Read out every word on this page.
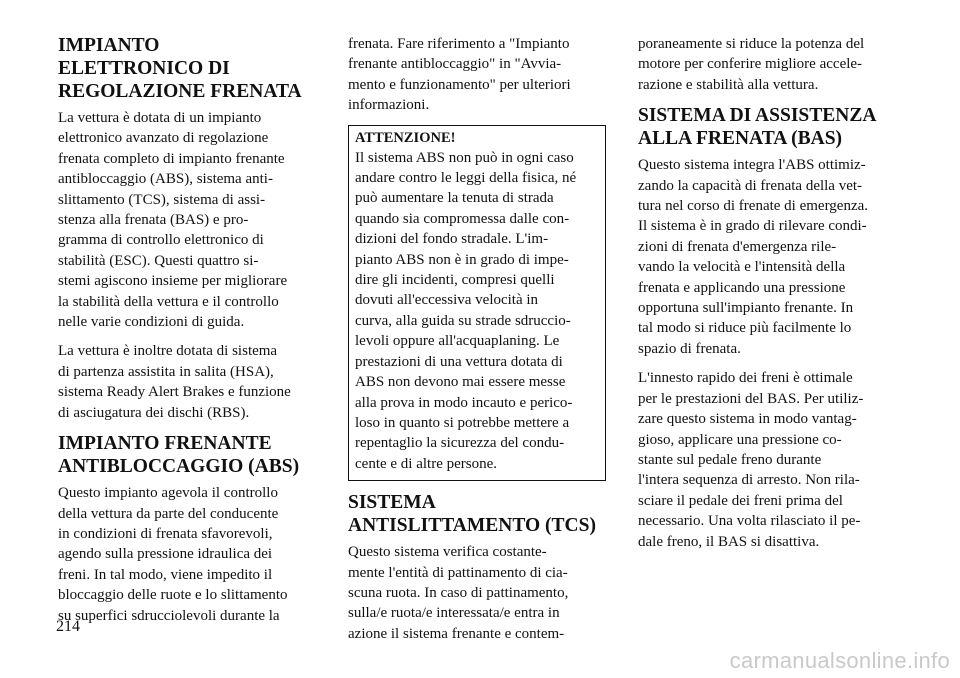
IMPIANTO
ELETTRONICO DI
REGOLAZIONE FRENATA

La vettura è dotata di un impianto
elettronico avanzato di regolazione
frenata completo di impianto frenante
antibloccaggio (ABS), sistema anti-
slittamento (TCS), sistema di assi-
stenza alla frenata (BAS) e pro-
gramma di controllo elettronico di
stabilità (ESC). Questi quattro si-
stemi agiscono insieme per migliorare
la stabilità della vettura e il controllo
nelle varie condizioni di guida.

La vettura è inoltre dotata di sistema
di partenza assistita in salita (HSA),
sistema Ready Alert Brakes e funzione
di asciugatura dei dischi (RBS).

IMPIANTO FRENANTE
ANTIBLOCCAGGIO (ABS)

Questo impianto agevola il controllo
della vettura da parte del conducente
in condizioni di frenata sfavorevoli,
agendo sulla pressione idraulica dei
freni. In tal modo, viene impedito il
bloccaggio delle ruote e lo slittamento
su superfici sdrucciolevoli durante la

frenata. Fare riferimento a "Impianto
frenante antibloccaggio" in "Avvia-
mento e funzionamento" per ulteriori
informazioni.

ATTENZIONE!

Il sistema ABS non può in ogni caso
andare contro le leggi della fisica, né
può aumentare la tenuta di strada
quando sia compromessa dalle con-
dizioni del fondo stradale. L'im-
pianto ABS non è in grado di impe-
dire gli incidenti, compresi quelli
dovuti all'eccessiva velocità in
curva, alla guida su strade sdruccio-
levoli oppure all'acquaplaning. Le
prestazioni di una vettura dotata di
ABS non devono mai essere messe
alla prova in modo incauto e perico-
loso in quanto si potrebbe mettere a
repentaglio la sicurezza del condu-
cente e di altre persone.

SISTEMA
ANTISLITTAMENTO (TCS)

Questo sistema verifica costante-
mente l'entità di pattinamento di cia-
scuna ruota. In caso di pattinamento,
sulla/e ruota/e interessata/e entra in
azione il sistema frenante e contem-

poraneamente si riduce la potenza del
motore per conferire migliore accele-
razione e stabilità alla vettura.

SISTEMA DI ASSISTENZA
ALLA FRENATA (BAS)

Questo sistema integra l'ABS ottimiz-
zando la capacità di frenata della vet-
tura nel corso di frenate di emergenza.
Il sistema è in grado di rilevare condi-
zioni di frenata d'emergenza rile-
vando la velocità e l'intensità della
frenata e applicando una pressione
opportuna sull'impianto frenante. In
tal modo si riduce più facilmente lo
spazio di frenata.

L'innesto rapido dei freni è ottimale
per le prestazioni del BAS. Per utiliz-
zare questo sistema in modo vantag-
gioso, applicare una pressione co-
stante sul pedale freno durante
l'intera sequenza di arresto. Non rila-
sciare il pedale dei freni prima del
necessario. Una volta rilasciato il pe-
dale freno, il BAS si disattiva.

214
carmanualsonline.info
